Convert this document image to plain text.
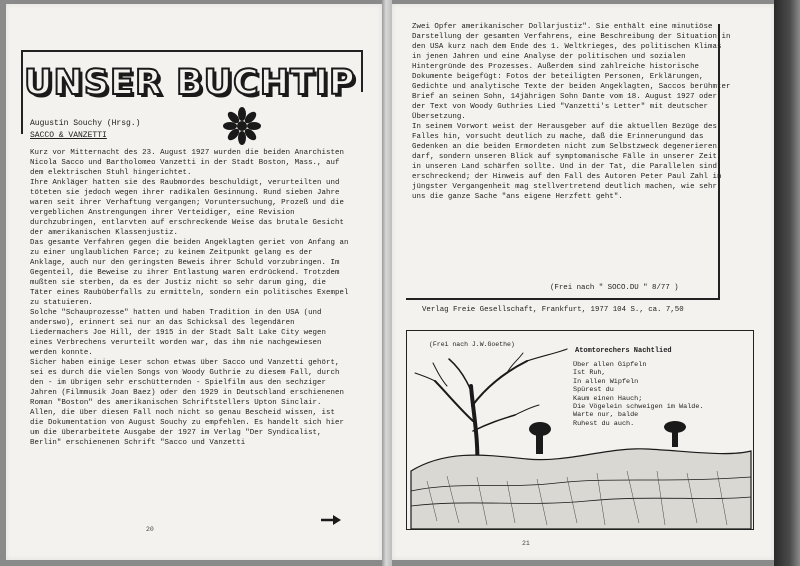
UNSER BUCHTIP
Augustin Souchy (Hrsg.)
SACCO & VANZETTI

Kurz vor Mitternacht des 23. August 1927 wurden die beiden Anarchisten Nicola Sacco und Bartholomeo Vanzetti in der Stadt Boston, Mass., auf dem elektrischen Stuhl hingerichtet.

Ihre Ankläger hatten sie des Raubmordes beschuldigt, verurteilten und töteten sie jedoch wegen ihrer radikalen Gesinnung. Rund sieben Jahre waren seit ihrer Verhaftung vergangen; Voruntersuchung, Prozeß und die vergeblichen Anstrengungen ihrer Verteidiger, eine Revision durchzubringen, entlarvten auf erschreckende Weise das brutale Gesicht der amerikanischen Klassenjustiz.

Das gesamte Verfahren gegen die beiden Angeklagten geriet von Anfang an zu einer unglaublichen Farce; zu keinem Zeitpunkt gelang es der Anklage, auch nur den geringsten Beweis ihrer Schuld vorzubringen. Im Gegenteil, die Beweise zu ihrer Entlastung waren erdrückend. Trotzdem mußten sie sterben, da es der Justiz nicht so sehr darum ging, die Täter eines Raubüberfalls zu ermitteln, sondern ein politisches Exempel zu statuieren.

Solche "Schauprozesse" hatten und haben Tradition in den USA (und anderswo), erinnert sei nur an das Schicksal des legendären Liedermachers Joe Hill, der 1915 in der Stadt Salt Lake City wegen eines Verbrechens verurteilt worden war, das ihm nie nachgewiesen werden konnte.

Sicher haben einige Leser schon etwas über Sacco und Vanzetti gehört, sei es durch die vielen Songs von Woody Guthrie zu diesem Fall, durch den - im übrigen sehr erschütternden - Spielfilm aus den sechziger Jahren (Filmmusik Joan Baez) oder den 1929 in Deutschland erschienenen Roman "Boston" des amerikanischen Schriftstellers Upton Sinclair.

Allen, die über diesen Fall noch nicht so genau Bescheid wissen, ist die Dokumentation von August Souchy zu empfehlen. Es handelt sich hier um die überarbeitete Ausgabe der 1927 im Verlag "Der Syndicalist, Berlin" erschienenen Schrift "Sacco und Vanzetti

20

Zwei Opfer amerikanischer Dollarjustiz". Sie enthält eine minutiöse Darstellung der gesamten Verfahrens, eine Beschreibung der Situation in den USA kurz nach dem Ende des 1. Weltkrieges, des politischen Klimas in jenen Jahren und eine Analyse der politischen und sozialen Hintergründe des Prozesses. Außerdem sind zahlreiche historische Dokumente beigefügt: Fotos der beteiligten Personen, Erklärungen, Gedichte und analytische Texte der beiden Angeklagten, Saccos berühmter Brief an seinen Sohn, 14jährigen Sohn Dante vom 18. August 1927 oder der Text von Woody Guthries Lied "Vanzetti's Letter" mit deutscher Übersetzung.

In seinem Vorwort weist der Herausgeber auf die aktuellen Bezüge des Falles hin, vorsucht deutlich zu mache, daß die Erinnerungund das Gedenken an die beiden Ermordeten nicht zum Selbstzweck degenerieren darf, sondern unseren Blick auf symptomanische Fälle in unserer Zeit, in unseren Land schärfen sollte. Und in der Tat, die Parallelen sind erschreckend; der Hinweis auf den Fall des Autoren Peter Paul Zahl in jüngster Vergangenheit mag stellvertretend deutlich machen, wie sehr uns die ganze Sache "ans eigene Herzfett geht".

(Frei nach " SOCO.DU " 8/77 )
Verlag Freie Gesellschaft, Frankfurt, 1977 104 S., ca. 7,50
(Frei nach J.W.Goethe)
Atomtorechers Nachtlied
Über allen Gipfeln
Ist Ruh,
In allen Wipfeln
Spürest du
Kaum einen Hauch;
Die Vögelein schweigen im Walde.
Warte nur, balde
Ruhest du auch.
21
